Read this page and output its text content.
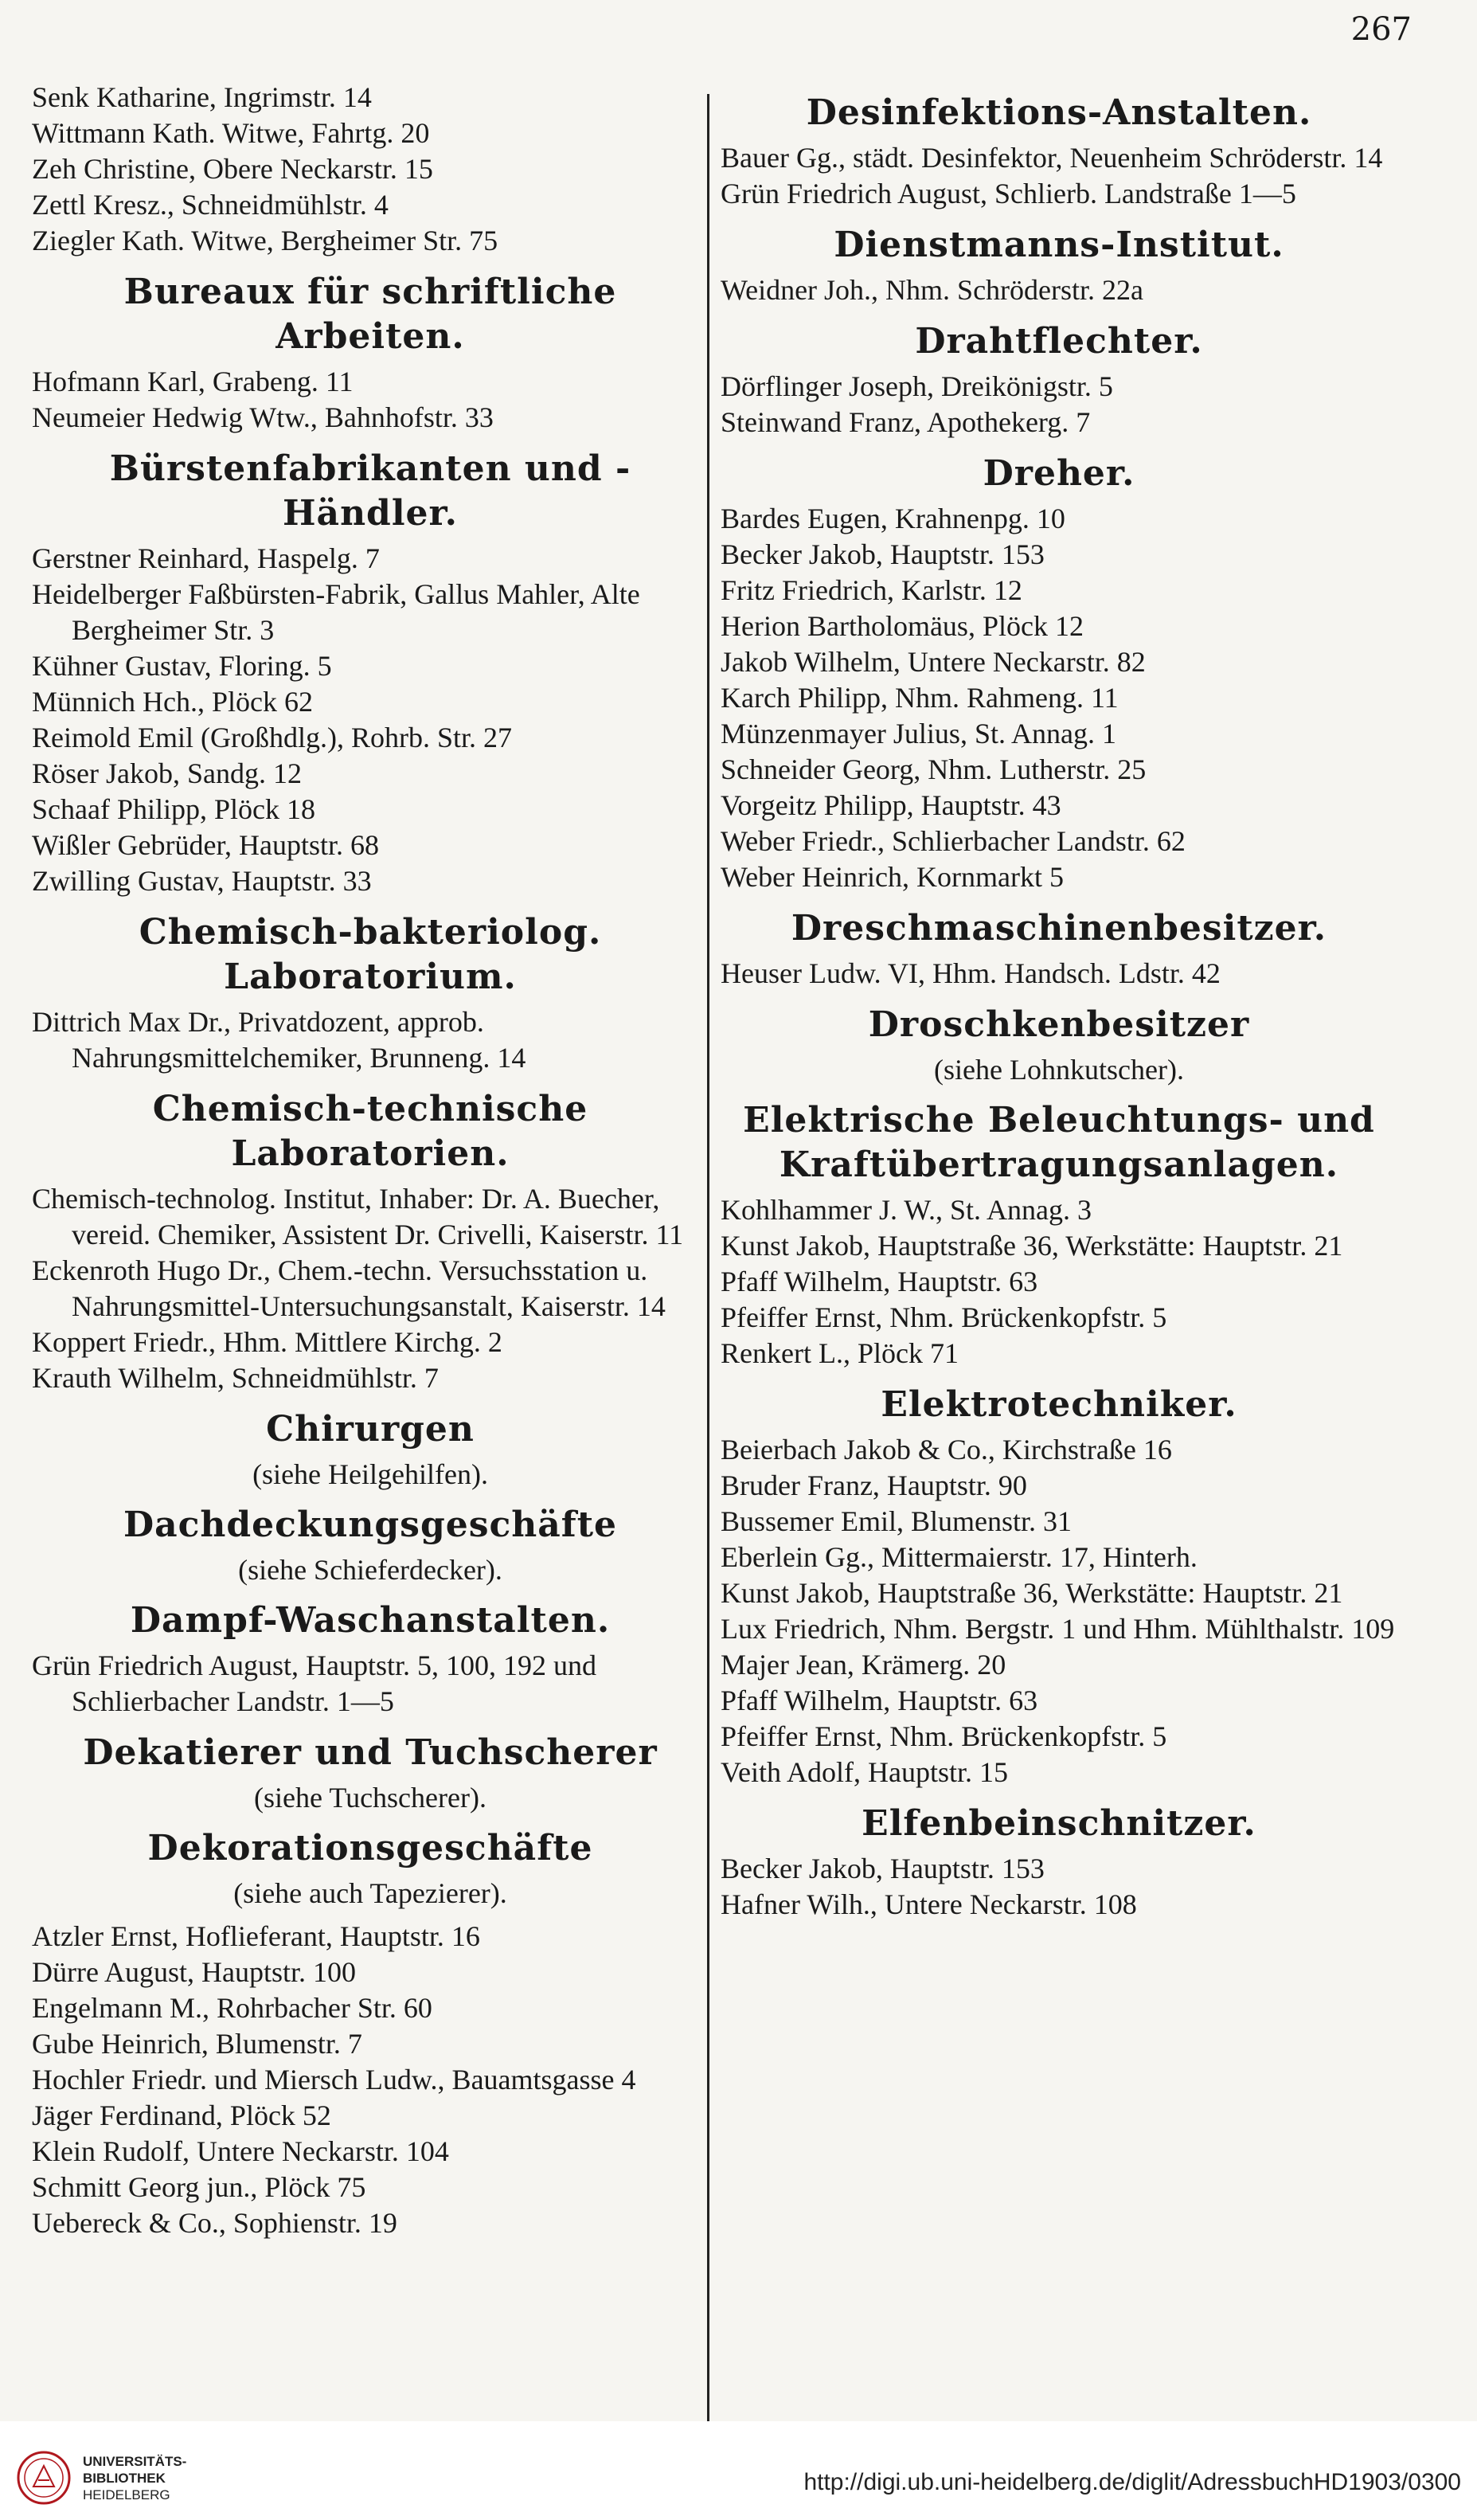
267
Senk Katharine, Ingrimstr. 14
Wittmann Kath. Witwe, Fahrtg. 20
Zeh Christine, Obere Neckarstr. 15
Zettl Kresz., Schneidmühlstr. 4
Ziegler Kath. Witwe, Bergheimer Str. 75
Bureaux für schriftliche Arbeiten.
Hofmann Karl, Grabeng. 11
Neumeier Hedwig Wtw., Bahnhofstr. 33
Bürstenfabrikanten und -Händler.
Gerstner Reinhard, Haspelg. 7
Heidelberger Faßbürsten-Fabrik, Gallus Mahler, Alte Bergheimer Str. 3
Kühner Gustav, Floring. 5
Münnich Hch., Plöck 62
Reimold Emil (Großhdlg.), Rohrb. Str. 27
Röser Jakob, Sandg. 12
Schaaf Philipp, Plöck 18
Wißler Gebrüder, Hauptstr. 68
Zwilling Gustav, Hauptstr. 33
Chemisch-bakteriolog. Laboratorium.
Dittrich Max Dr., Privatdozent, approb. Nahrungsmittelchemiker, Brunneng. 14
Chemisch-technische Laboratorien.
Chemisch-technolog. Institut, Inhaber: Dr. A. Buecher, vereid. Chemiker, Assistent Dr. Crivelli, Kaiserstr. 11
Eckenroth Hugo Dr., Chem.-techn. Versuchsstation u. Nahrungsmittel-Untersuchungsanstalt, Kaiserstr. 14
Koppert Friedr., Hhm. Mittlere Kirchg. 2
Krauth Wilhelm, Schneidmühlstr. 7
Chirurgen
(siehe Heilgehilfen).
Dachdeckungsgeschäfte
(siehe Schieferdecker).
Dampf-Waschanstalten.
Grün Friedrich August, Hauptstr. 5, 100, 192 und Schlierbacher Landstr. 1—5
Dekatierer und Tuchscherer
(siehe Tuchscherer).
Dekorationsgeschäfte
(siehe auch Tapezierer).
Atzler Ernst, Hoflieferant, Hauptstr. 16
Dürre August, Hauptstr. 100
Engelmann M., Rohrbacher Str. 60
Gube Heinrich, Blumenstr. 7
Hochler Friedr. und Miersch Ludw., Bauamtsgasse 4
Jäger Ferdinand, Plöck 52
Klein Rudolf, Untere Neckarstr. 104
Schmitt Georg jun., Plöck 75
Uebereck & Co., Sophienstr. 19
Desinfektions-Anstalten.
Bauer Gg., städt. Desinfektor, Neuenheim Schröderstr. 14
Grün Friedrich August, Schlierb. Landstraße 1—5
Dienstmanns-Institut.
Weidner Joh., Nhm. Schröderstr. 22a
Drahtflechter.
Dörflinger Joseph, Dreikönigstr. 5
Steinwand Franz, Apothekerg. 7
Dreher.
Bardes Eugen, Krahnenpg. 10
Becker Jakob, Hauptstr. 153
Fritz Friedrich, Karlstr. 12
Herion Bartholomäus, Plöck 12
Jakob Wilhelm, Untere Neckarstr. 82
Karch Philipp, Nhm. Rahmeng. 11
Münzenmayer Julius, St. Annag. 1
Schneider Georg, Nhm. Lutherstr. 25
Vorgeitz Philipp, Hauptstr. 43
Weber Friedr., Schlierbacher Landstr. 62
Weber Heinrich, Kornmarkt 5
Dreschmaschinenbesitzer.
Heuser Ludw. VI, Hhm. Handsch. Ldstr. 42
Droschkenbesitzer
(siehe Lohnkutscher).
Elektrische Beleuchtungs- und Kraftübertragungsanlagen.
Kohlhammer J. W., St. Annag. 3
Kunst Jakob, Hauptstraße 36, Werkstätte: Hauptstr. 21
Pfaff Wilhelm, Hauptstr. 63
Pfeiffer Ernst, Nhm. Brückenkopfstr. 5
Renkert L., Plöck 71
Elektrotechniker.
Beierbach Jakob & Co., Kirchstraße 16
Bruder Franz, Hauptstr. 90
Bussemer Emil, Blumenstr. 31
Eberlein Gg., Mittermaierstr. 17, Hinterh.
Kunst Jakob, Hauptstraße 36, Werkstätte: Hauptstr. 21
Lux Friedrich, Nhm. Bergstr. 1 und Hhm. Mühlthalstr. 109
Majer Jean, Krämerg. 20
Pfaff Wilhelm, Hauptstr. 63
Pfeiffer Ernst, Nhm. Brückenkopfstr. 5
Veith Adolf, Hauptstr. 15
Elfenbeinschnitzer.
Becker Jakob, Hauptstr. 153
Hafner Wilh., Untere Neckarstr. 108
UNIVERSITÄTS-
BIBLIOTHEK
HEIDELBERG	http://digi.ub.uni-heidelberg.de/diglit/AdressbuchHD1903/0300
